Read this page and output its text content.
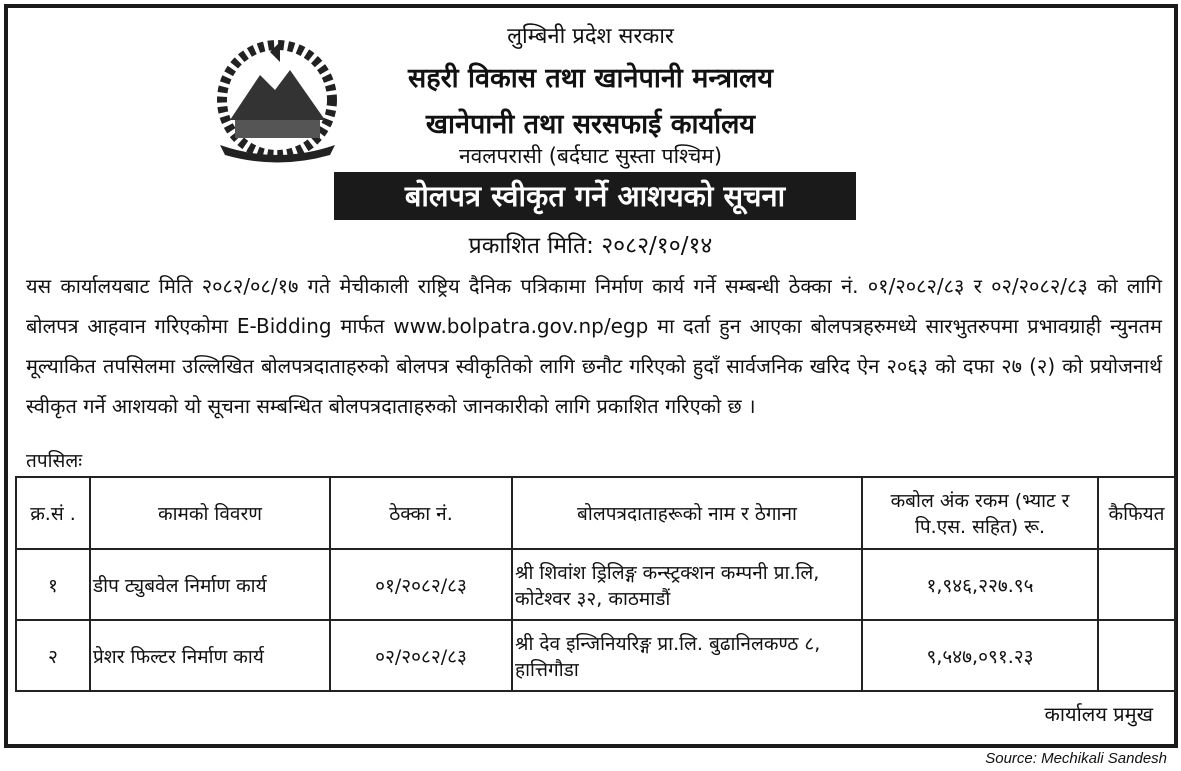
लुम्बिनी प्रदेश सरकार
सहरी विकास तथा खानेपानी मन्त्रालय
खानेपानी तथा सरसफाई कार्यालय
नवलपरासी (बर्दघाट सुस्ता पश्चिम)
बोलपत्र स्वीकृत गर्ने आशयको सूचना
प्रकाशित मिति: २०८२/१०/१४
यस कार्यालयबाट मिति २०८२/०८/१७ गते मेचीकाली राष्ट्रिय दैनिक पत्रिकामा निर्माण कार्य गर्ने सम्बन्धी ठेक्का नं. ०१/२०८२/८३ र ०२/२०८२/८३ को लागि बोलपत्र आहवान गरिएकोमा E-Bidding मार्फत www.bolpatra.gov.np/egp मा दर्ता हुन आएका बोलपत्रहरुमध्ये सारभुतरुपमा प्रभावग्राही न्युनतम मूल्याकित तपसिलमा उल्लिखित बोलपत्रदाताहरुको बोलपत्र स्वीकृतिको लागि छनौट गरिएको हुदाँ सार्वजनिक खरिद ऐन २०६३ को दफा २७ (२) को प्रयोजनार्थ स्वीकृत गर्ने आशयको यो सूचना सम्बन्धित बोलपत्रदाताहरुको जानकारीको लागि प्रकाशित गरिएको छ ।
तपसिलः
क्र.सं .	कामको विवरण	ठेक्का नं.	बोलपत्रदाताहरूको नाम र ठेगाना	कबोल अंक रकम (भ्याट र पि.एस. सहित) रू.	कैफियत
१	डीप ट्युबवेल निर्माण कार्य	०१/२०८२/८३	श्री शिवांश ड्रिलिङ्ग कन्स्ट्रक्शन कम्पनी प्रा.लि, कोटेश्वर ३२, काठमाडौं	१,९४६,२२७.९५	
२	प्रेशर फिल्टर निर्माण कार्य	०२/२०८२/८३	श्री देव इन्जिनियरिङ्ग प्रा.लि. बुढानिलकण्ठ ८, हात्तिगौडा	९,५४७,०९१.२३	
कार्यालय प्रमुख
Source: Mechikali Sandesh
